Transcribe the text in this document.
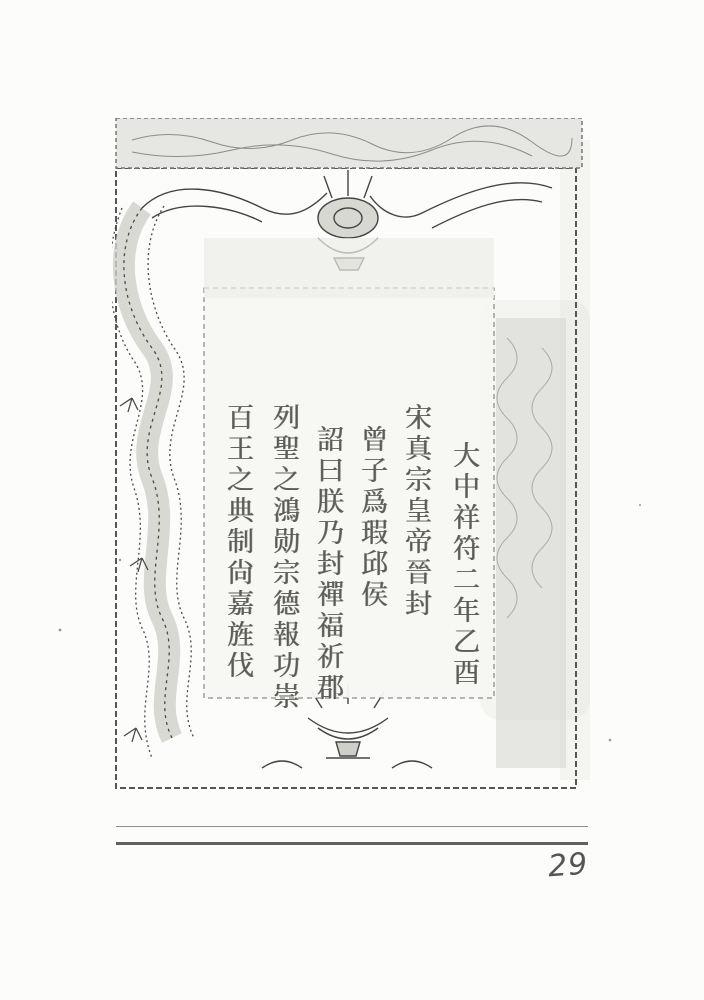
大中祥符二年乙酉
宋真宗皇帝晉封
曾子爲瑕邱侯
詔曰朕乃封禪福祈郡
列聖之鴻勋宗德報功崇
百王之典制尙嘉旌伐
29
